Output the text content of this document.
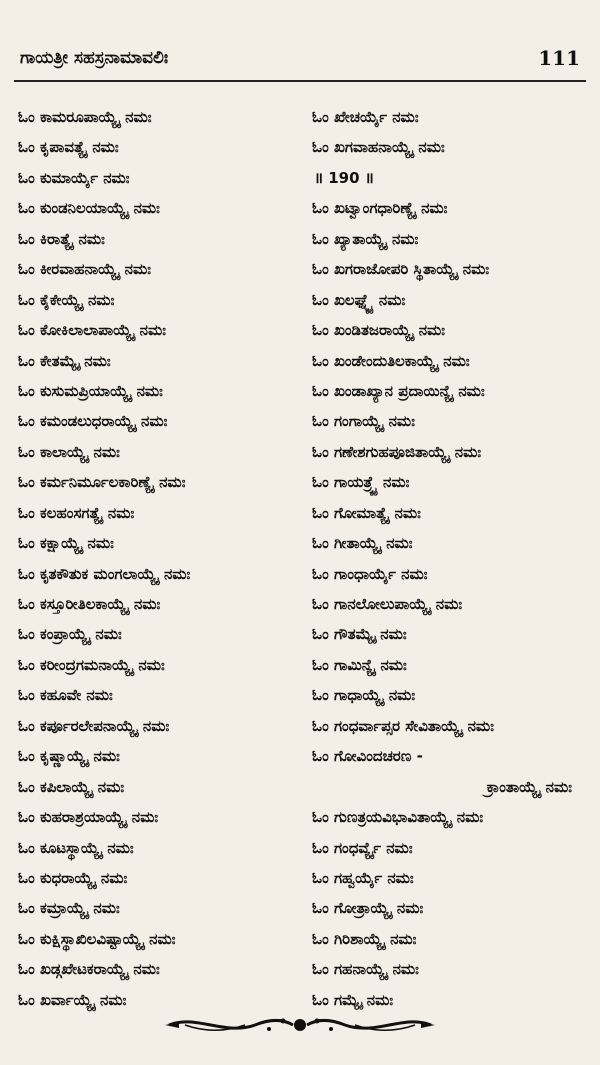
ಗಾಯತ್ರೀ ಸಹಸ್ರನಾಮಾವಲಿಃ	111
ಓಂ ಕಾಮರೂಪಾಯ್ಯೈ ನಮಃ
ಓಂ ಕೃಪಾವತ್ಯೈ ನಮಃ
ಓಂ ಕುಮಾರ್ಯೈ ನಮಃ
ಓಂ ಕುಂಡನಿಲಯಾಯ್ಯೈ ನಮಃ
ಓಂ ಕಿರಾತ್ಯೈ ನಮಃ
ಓಂ ಕೀರವಾಹನಾಯ್ಯೈ ನಮಃ
ಓಂ ಕೈಕೇಯ್ಯೈ ನಮಃ
ಓಂ ಕೋಕಿಲಾಲಾಪಾಯ್ಯೈ ನಮಃ
ಓಂ ಕೇತಮ್ಯೈ ನಮಃ
ಓಂ ಕುಸುಮಪ್ರಿಯಾಯ್ಯೈ ನಮಃ
ಓಂ ಕಮಂಡಲುಧರಾಯ್ಯೈ ನಮಃ
ಓಂ ಕಾಲಾಯ್ಯೈ ನಮಃ
ಓಂ ಕರ್ಮನಿರ್ಮೂಲಕಾರಿಣ್ಯೈ ನಮಃ
ಓಂ ಕಲಹಂಸಗತ್ಯೈ ನಮಃ
ಓಂ ಕಕ್ಷಾಯ್ಯೈ ನಮಃ
ಓಂ ಕೃತಕೌತುಕ ಮಂಗಲಾಯ್ಯೈ ನಮಃ
ಓಂ ಕಸ್ತೂರೀತಿಲಕಾಯ್ಯೈ ನಮಃ
ಓಂ ಕಂಪ್ರಾಯ್ಯೈ ನಮಃ
ಓಂ ಕರೀಂದ್ರಗಮನಾಯ್ಯೈ ನಮಃ
ಓಂ ಕಹೂವೇ ನಮಃ
ಓಂ ಕರ್ಪೂರಲೇಪನಾಯ್ಯೈ ನಮಃ
ಓಂ ಕೃಷ್ಣಾಯ್ಯೈ ನಮಃ
ಓಂ ಕಪಿಲಾಯ್ಯೈ ನಮಃ
ಓಂ ಕುಹರಾಶ್ರಯಾಯ್ಯೈ ನಮಃ
ಓಂ ಕೂಟಸ್ಥಾಯ್ಯೈ ನಮಃ
ಓಂ ಕುಧರಾಯ್ಯೈ ನಮಃ
ಓಂ ಕಮ್ರಾಯ್ಯೈ ನಮಃ
ಓಂ ಕುಕ್ಷಿಸ್ಥಾಖಿಲವಿಷ್ಟಾಯ್ಯೈ ನಮಃ
ಓಂ ಖಡ್ಗಖೇಟಕರಾಯ್ಯೈ ನಮಃ
ಓಂ ಖರ್ವಾಯ್ಯೈ ನಮಃ
ಓಂ ಖೇಚರ್ಯೈ ನಮಃ
ಓಂ ಖಗವಾಹನಾಯ್ಯೈ ನಮಃ
॥ 190 ॥
ಓಂ ಖಟ್ವಾಂಗಧಾರಿಣ್ಯೈ ನಮಃ
ಓಂ ಖ್ಯಾತಾಯ್ಯೈ ನಮಃ
ಓಂ ಖಗರಾಜೋಪರಿ ಸ್ಥಿತಾಯ್ಯೈ ನಮಃ
ಓಂ ಖಲಘ್ನ್ಯೈ ನಮಃ
ಓಂ ಖಂಡಿತಜರಾಯ್ಯೈ ನಮಃ
ಓಂ ಖಂಡೇಂದುತಿಲಕಾಯ್ಯೈ ನಮಃ
ಓಂ ಖಂಡಾಖ್ಯಾನ ಪ್ರದಾಯಿನ್ಯೈ ನಮಃ
ಓಂ ಗಂಗಾಯ್ಯೈ ನಮಃ
ಓಂ ಗಣೇಶಗುಹಪೂಜಿತಾಯ್ಯೈ ನಮಃ
ಓಂ ಗಾಯತ್ರ್ಯೈ ನಮಃ
ಓಂ ಗೋಮಾತ್ಯೈ ನಮಃ
ಓಂ ಗೀತಾಯ್ಯೈ ನಮಃ
ಓಂ ಗಾಂಧಾರ್ಯೈ ನಮಃ
ಓಂ ಗಾನಲೋಲುಪಾಯ್ಯೈ ನಮಃ
ಓಂ ಗೌತಮ್ಯೈ ನಮಃ
ಓಂ ಗಾಮಿನ್ಯೈ ನಮಃ
ಓಂ ಗಾಧಾಯ್ಯೈ ನಮಃ
ಓಂ ಗಂಧರ್ವಾಪ್ಸರ ಸೇವಿತಾಯ್ಯೈ ನಮಃ
ಓಂ ಗೋವಿಂದಚರಣ -
ಕ್ರಾಂತಾಯ್ಯೈ ನಮಃ
ಓಂ ಗುಣತ್ರಯವಿಭಾವಿತಾಯ್ಯೈ ನಮಃ
ಓಂ ಗಂಧರ್ವ್ಯೈ ನಮಃ
ಓಂ ಗಹ್ವರ್ಯೈ ನಮಃ
ಓಂ ಗೋತ್ರಾಯ್ಯೈ ನಮಃ
ಓಂ ಗಿರಿಶಾಯ್ಯೈ ನಮಃ
ಓಂ ಗಹನಾಯ್ಯೈ ನಮಃ
ಓಂ ಗಮ್ಯೈ ನಮಃ
